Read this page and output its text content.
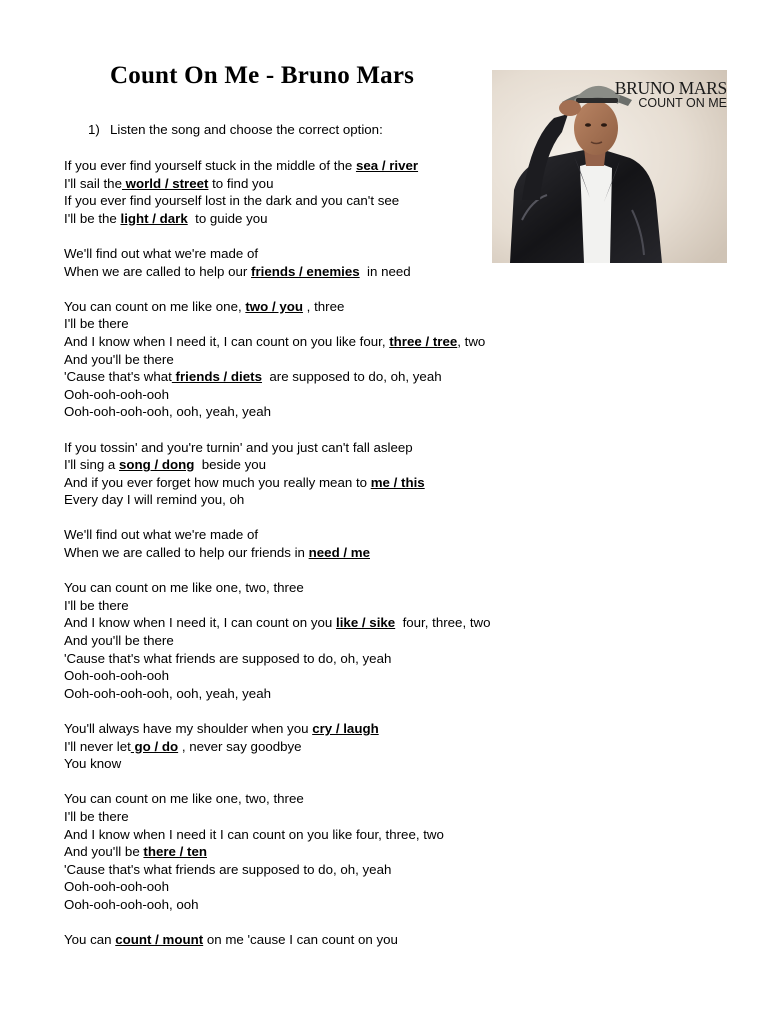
Count On Me - Bruno Mars
1) Listen the song and choose the correct option:
If you ever find yourself stuck in the middle of the sea / river
I'll sail the world / street to find you
If you ever find yourself lost in the dark and you can't see
I'll be the light / dark  to guide you
We'll find out what we're made of
When we are called to help our friends / enemies  in need
You can count on me like one, two / you , three
I'll be there
And I know when I need it, I can count on you like four, three / tree, two
And you'll be there
'Cause that's what friends / diets  are supposed to do, oh, yeah
Ooh-ooh-ooh-ooh
Ooh-ooh-ooh-ooh, ooh, yeah, yeah
If you tossin' and you're turnin' and you just can't fall asleep
I'll sing a song / dong  beside you
And if you ever forget how much you really mean to me / this
Every day I will remind you, oh
We'll find out what we're made of
When we are called to help our friends in need / me
You can count on me like one, two, three
I'll be there
And I know when I need it, I can count on you like / sike  four, three, two
And you'll be there
'Cause that's what friends are supposed to do, oh, yeah
Ooh-ooh-ooh-ooh
Ooh-ooh-ooh-ooh, ooh, yeah, yeah
You'll always have my shoulder when you cry / laugh
I'll never let go / do , never say goodbye
You know
You can count on me like one, two, three
I'll be there
And I know when I need it I can count on you like four, three, two
And you'll be there / ten
'Cause that's what friends are supposed to do, oh, yeah
Ooh-ooh-ooh-ooh
Ooh-ooh-ooh-ooh, ooh
You can count / mount on me 'cause I can count on you
BRUNO MARS
COUNT ON ME
